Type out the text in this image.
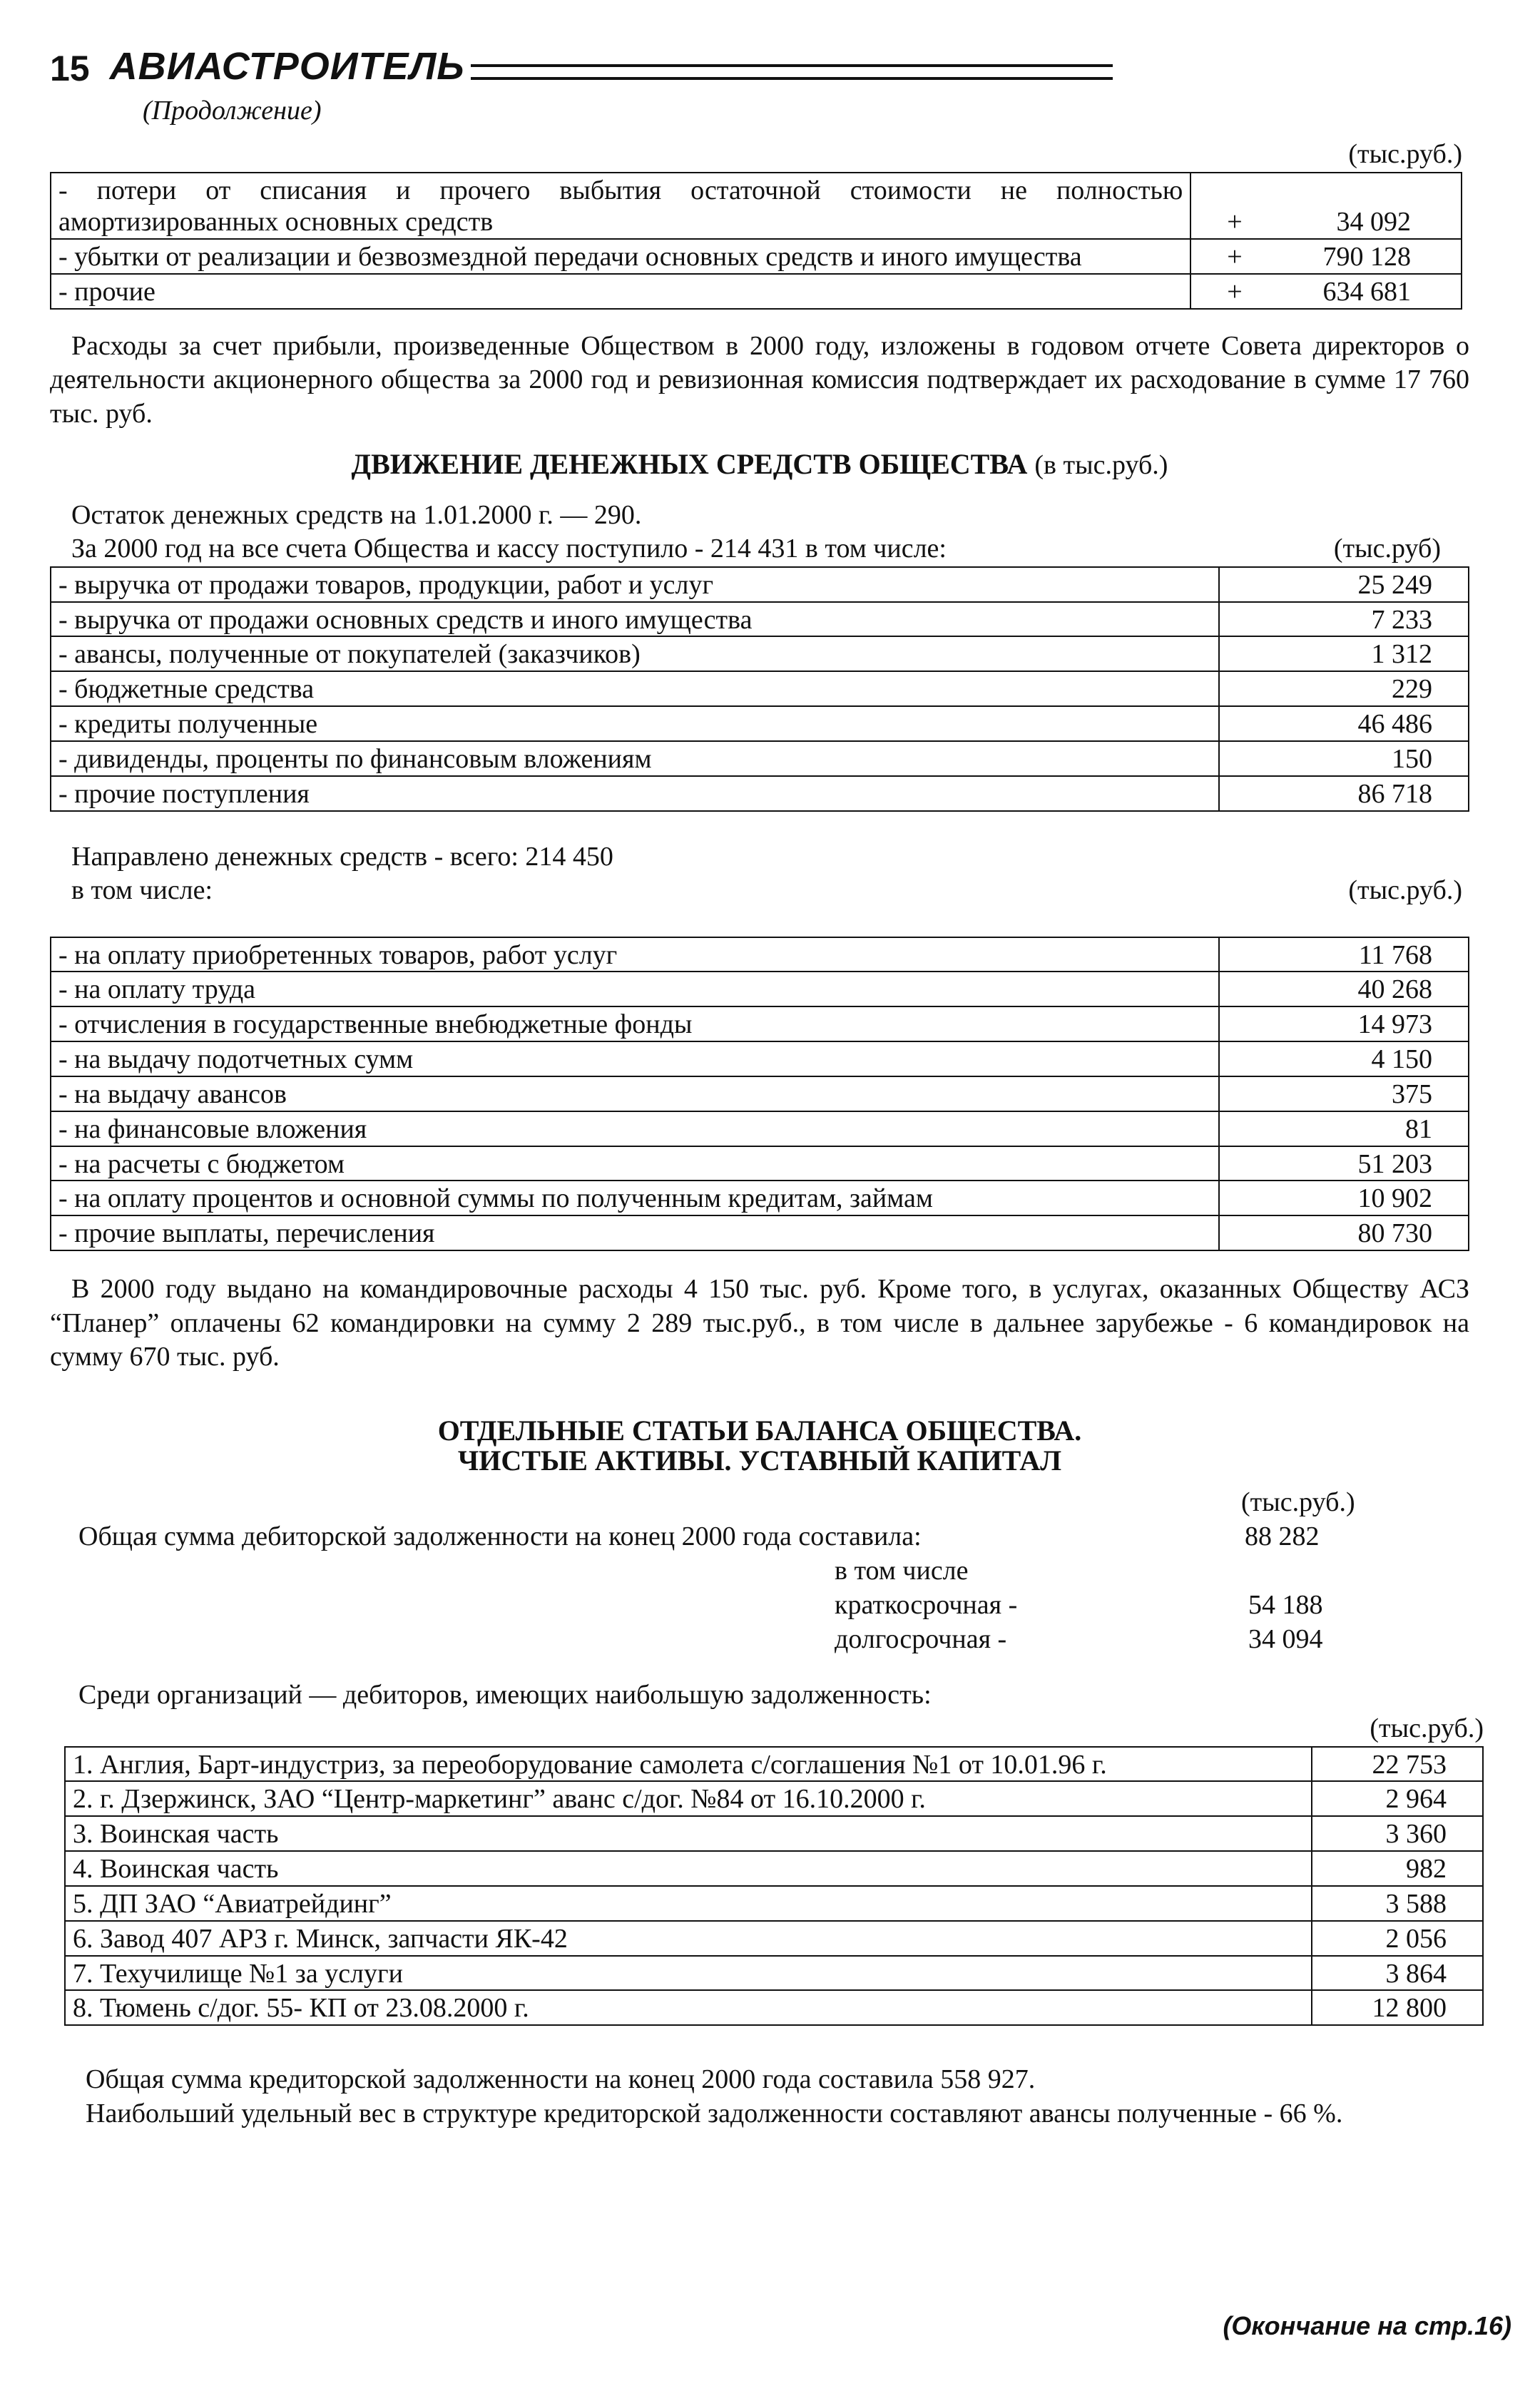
15 АВИАСТРОИТЕЛЬ
(Продолжение)
(тыс.руб.)
- потери от списания и прочего выбытия остаточной стоимости не полностью амортизированных основных средств	+ 34 092

- убытки от реализации и безвозмездной передачи основных средств и иного имущества	+ 790 128

- прочие	+ 634 681

Расходы за счет прибыли, произведенные Обществом в 2000 году, изложены в годовом отчете Совета директоров о деятельности акционерного общества за 2000 год и ревизионная комиссия подтверждает их расходование в сумме 17 760 тыс. руб.

ДВИЖЕНИЕ ДЕНЕЖНЫХ СРЕДСТВ ОБЩЕСТВА (в тыс.руб.)
Остаток денежных средств на 1.01.2000 г. — 290.
За 2000 год на все счета Общества и кассу поступило - 214 431 в том числе:	(тыс.руб)
- выручка от продажи товаров, продукции, работ и услуг	25 249
- выручка от продажи основных средств и иного имущества	7 233
- авансы, полученные от покупателей (заказчиков)	1 312
- бюджетные средства	229
- кредиты полученные	46 486
- дивиденды, проценты по финансовым вложениям	150
- прочие поступления	86 718
Направлено денежных средств - всего: 214 450
в том числе:	(тыс.руб.)
- на оплату приобретенных товаров, работ услуг	11 768
- на оплату труда	40 268
- отчисления в государственные внебюджетные фонды	14 973
- на выдачу подотчетных сумм	4 150
- на выдачу авансов	375
- на финансовые вложения	81
- на расчеты с бюджетом	51 203
- на оплату процентов и основной суммы по полученным кредитам, займам	10 902
- прочие выплаты, перечисления	80 730

В 2000 году выдано на командировочные расходы 4 150 тыс. руб. Кроме того, в услугах, оказанных Обществу АСЗ “Планер” оплачены 62 командировки на сумму 2 289 тыс.руб., в том числе в дальнее зарубежье - 6 командировок на сумму 670 тыс. руб.

ОТДЕЛЬНЫЕ СТАТЬИ БАЛАНСА ОБЩЕСТВА.
ЧИСТЫЕ АКТИВЫ. УСТАВНЫЙ КАПИТАЛ
(тыс.руб.)
Общая сумма дебиторской задолженности на конец 2000 года составила:	88 282
в том числе
краткосрочная -	54 188
долгосрочная -	34 094
Среди организаций — дебиторов, имеющих наибольшую задолженность:
(тыс.руб.)
1. Англия, Барт-индустриз, за переоборудование самолета с/соглашения №1 от 10.01.96 г.	22 753
2. г. Дзержинск, ЗАО “Центр-маркетинг” аванс с/дог. №84 от 16.10.2000 г.	2 964
3. Воинская часть	3 360
4. Воинская часть	982
5. ДП ЗАО “Авиатрейдинг”	3 588
6. Завод 407 АРЗ г. Минск, запчасти ЯК-42	2 056
7. Техучилище №1 за услуги	3 864
8. Тюмень с/дог. 55- КП от 23.08.2000 г.	12 800

Общая сумма кредиторской задолженности на конец 2000 года составила 558 927.

Наибольший удельный вес в структуре кредиторской задолженности составляют авансы полученные - 66 %.

(Окончание на стр.16)
